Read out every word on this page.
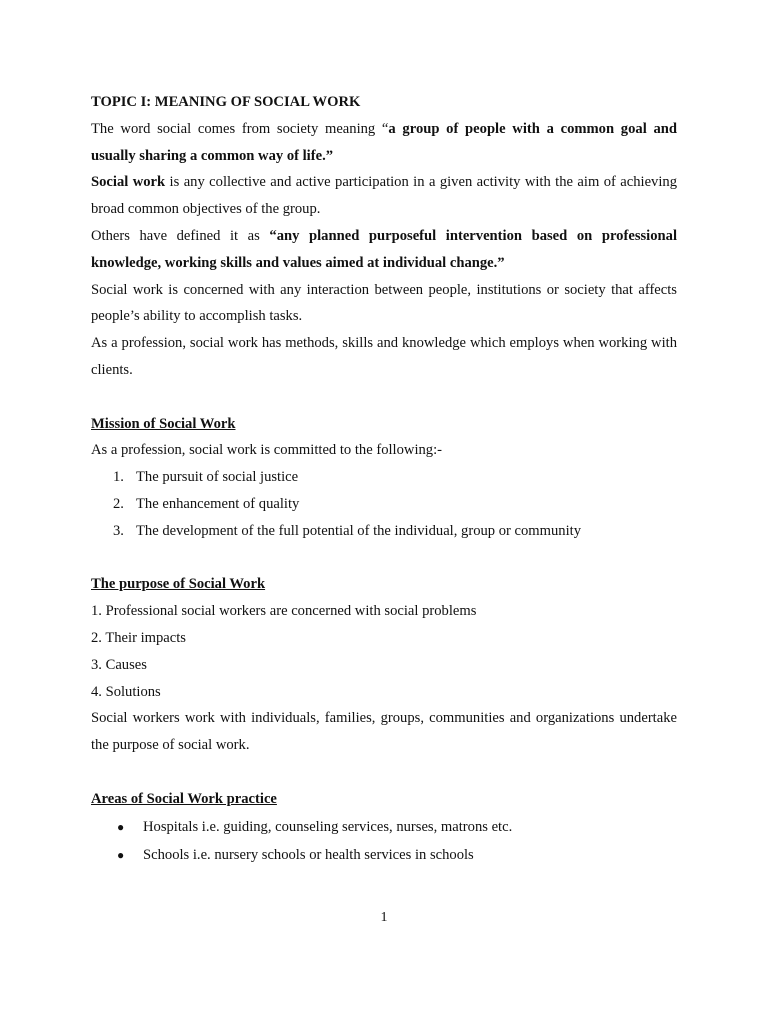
TOPIC I: MEANING OF SOCIAL WORK

The word social comes from society meaning “a group of people with a common goal and usually sharing a common way of life.”

Social work is any collective and active participation in a given activity with the aim of achieving broad common objectives of the group.

Others have defined it as “any planned purposeful intervention based on professional knowledge, working skills and values aimed at individual change.”

Social work is concerned with any interaction between people, institutions or society that affects people’s ability to accomplish tasks.

As a profession, social work has methods, skills and knowledge which employs when working with clients.

Mission of Social Work

As a profession, social work is committed to the following:-

1. The pursuit of social justice
2. The enhancement of quality
3. The development of the full potential of the individual, group or community

The purpose of Social Work

1. Professional social workers are concerned with social problems

2. Their impacts

3. Causes

4. Solutions

Social workers work with individuals, families, groups, communities and organizations undertake the purpose of social work.

Areas of Social Work practice

●	Hospitals i.e. guiding, counseling services, nurses, matrons etc.
●	Schools i.e. nursery schools or health services in schools
1
